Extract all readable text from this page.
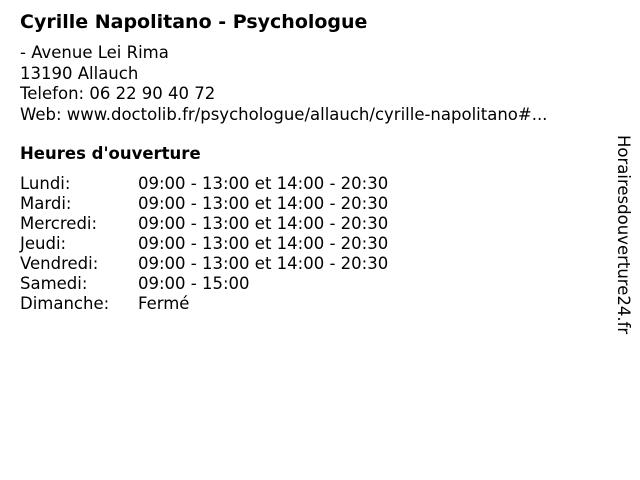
Cyrille Napolitano - Psychologue
- Avenue Lei Rima
13190 Allauch
Telefon: 06 22 90 40 72
Web: www.doctolib.fr/psychologue/allauch/cyrille-napolitano#...
Heures d'ouverture
Lundi:	09:00 - 13:00 et 14:00 - 20:30
Mardi:	09:00 - 13:00 et 14:00 - 20:30
Mercredi:	09:00 - 13:00 et 14:00 - 20:30
Jeudi:	09:00 - 13:00 et 14:00 - 20:30
Vendredi:	09:00 - 13:00 et 14:00 - 20:30
Samedi:	09:00 - 15:00
Dimanche:	Fermé	Horairesdouverture24.fr
